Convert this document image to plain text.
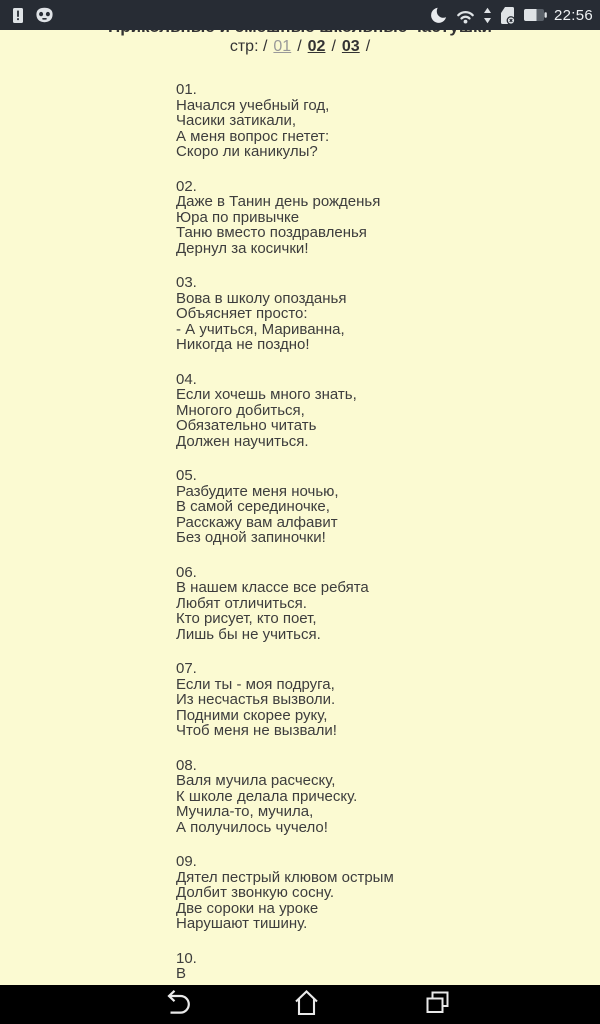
22:56
стр: / 01 / 02 / 03 /
01.
Начался учебный год,
Часики затикали,
А меня вопрос гнетет:
Скоро ли каникулы?
02.
Даже в Танин день рожденья
Юра по привычке
Таню вместо поздравленья
Дернул за косички!
03.
Вова в школу опозданья
Объясняет просто:
- А учиться, Мариванна,
Никогда не поздно!
04.
Если хочешь много знать,
Многого добиться,
Обязательно читать
Должен научиться.
05.
Разбудите меня ночью,
В самой серединочке,
Расскажу вам алфавит
Без одной запиночки!
06.
В нашем классе все ребята
Любят отличиться.
Кто рисует, кто поет,
Лишь бы не учиться.
07.
Если ты - моя подруга,
Из несчастья вызволи.
Подними скорее руку,
Чтоб меня не вызвали!
08.
Валя мучила расческу,
К школе делала прическу.
Мучила-то, мучила,
А получилось чучело!
09.
Дятел пестрый клювом острым
Долбит звонкую сосну.
Две сороки на уроке
Нарушают тишину.
10.
В
